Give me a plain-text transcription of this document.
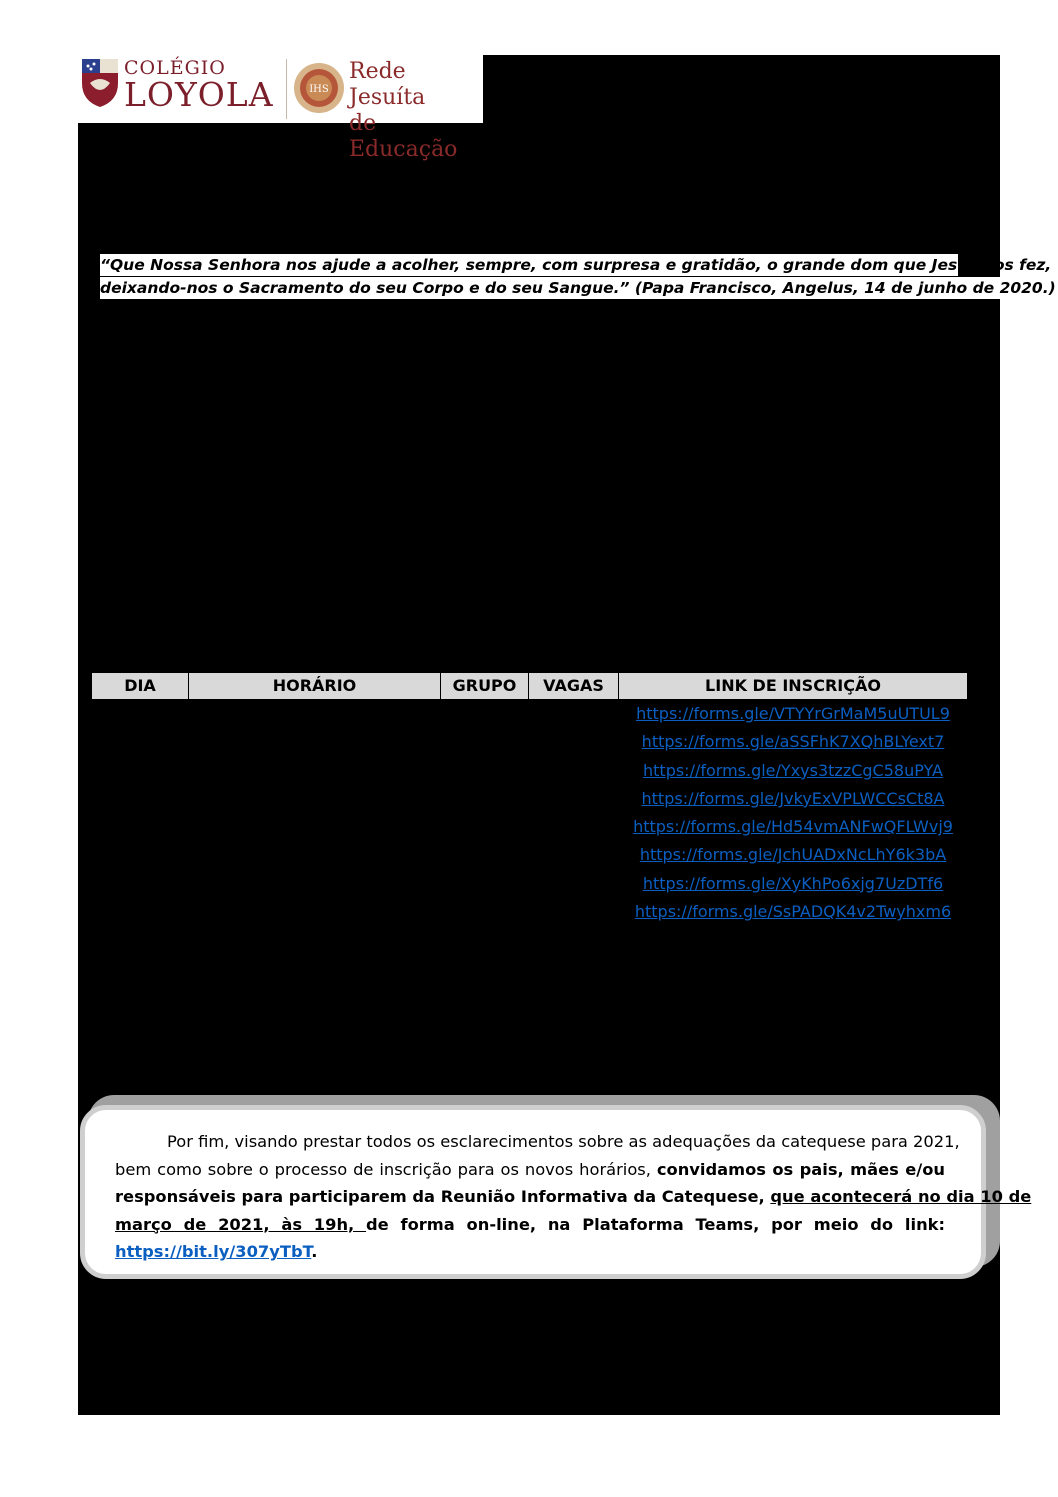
COLÉGIO
LOYOLA	IHS
Rede Jesuíta
de Educação
“Que Nossa Senhora nos ajude a acolher, sempre, com surpresa e gratidão, o grande dom que Jesus nos fez,
deixando-nos o Sacramento do seu Corpo e do seu Sangue.” (Papa Francisco, Angelus, 14 de junho de 2020.)
DIA	HORÁRIO	GRUPO	VAGAS	LINK DE INSCRIÇÃO
https://forms.gle/VTYYrGrMaM5uUTUL9
https://forms.gle/aSSFhK7XQhBLYext7
https://forms.gle/Yxys3tzzCgC58uPYA
https://forms.gle/JvkyExVPLWCCsCt8A
https://forms.gle/Hd54vmANFwQFLWvj9
https://forms.gle/JchUADxNcLhY6k3bA
https://forms.gle/XyKhPo6xjg7UzDTf6
https://forms.gle/SsPADQK4v2Twyhxm6
Por fim, visando prestar todos os esclarecimentos sobre as adequações da catequese para 2021,
bem como sobre o processo de inscrição para os novos horários, convidamos os pais, mães e/ou
responsáveis para participarem da Reunião Informativa da Catequese, que acontecerá no dia 10 de
março de 2021, às 19h, de forma on-line, na Plataforma Teams, por meio do link:
https://bit.ly/307yTbT.
